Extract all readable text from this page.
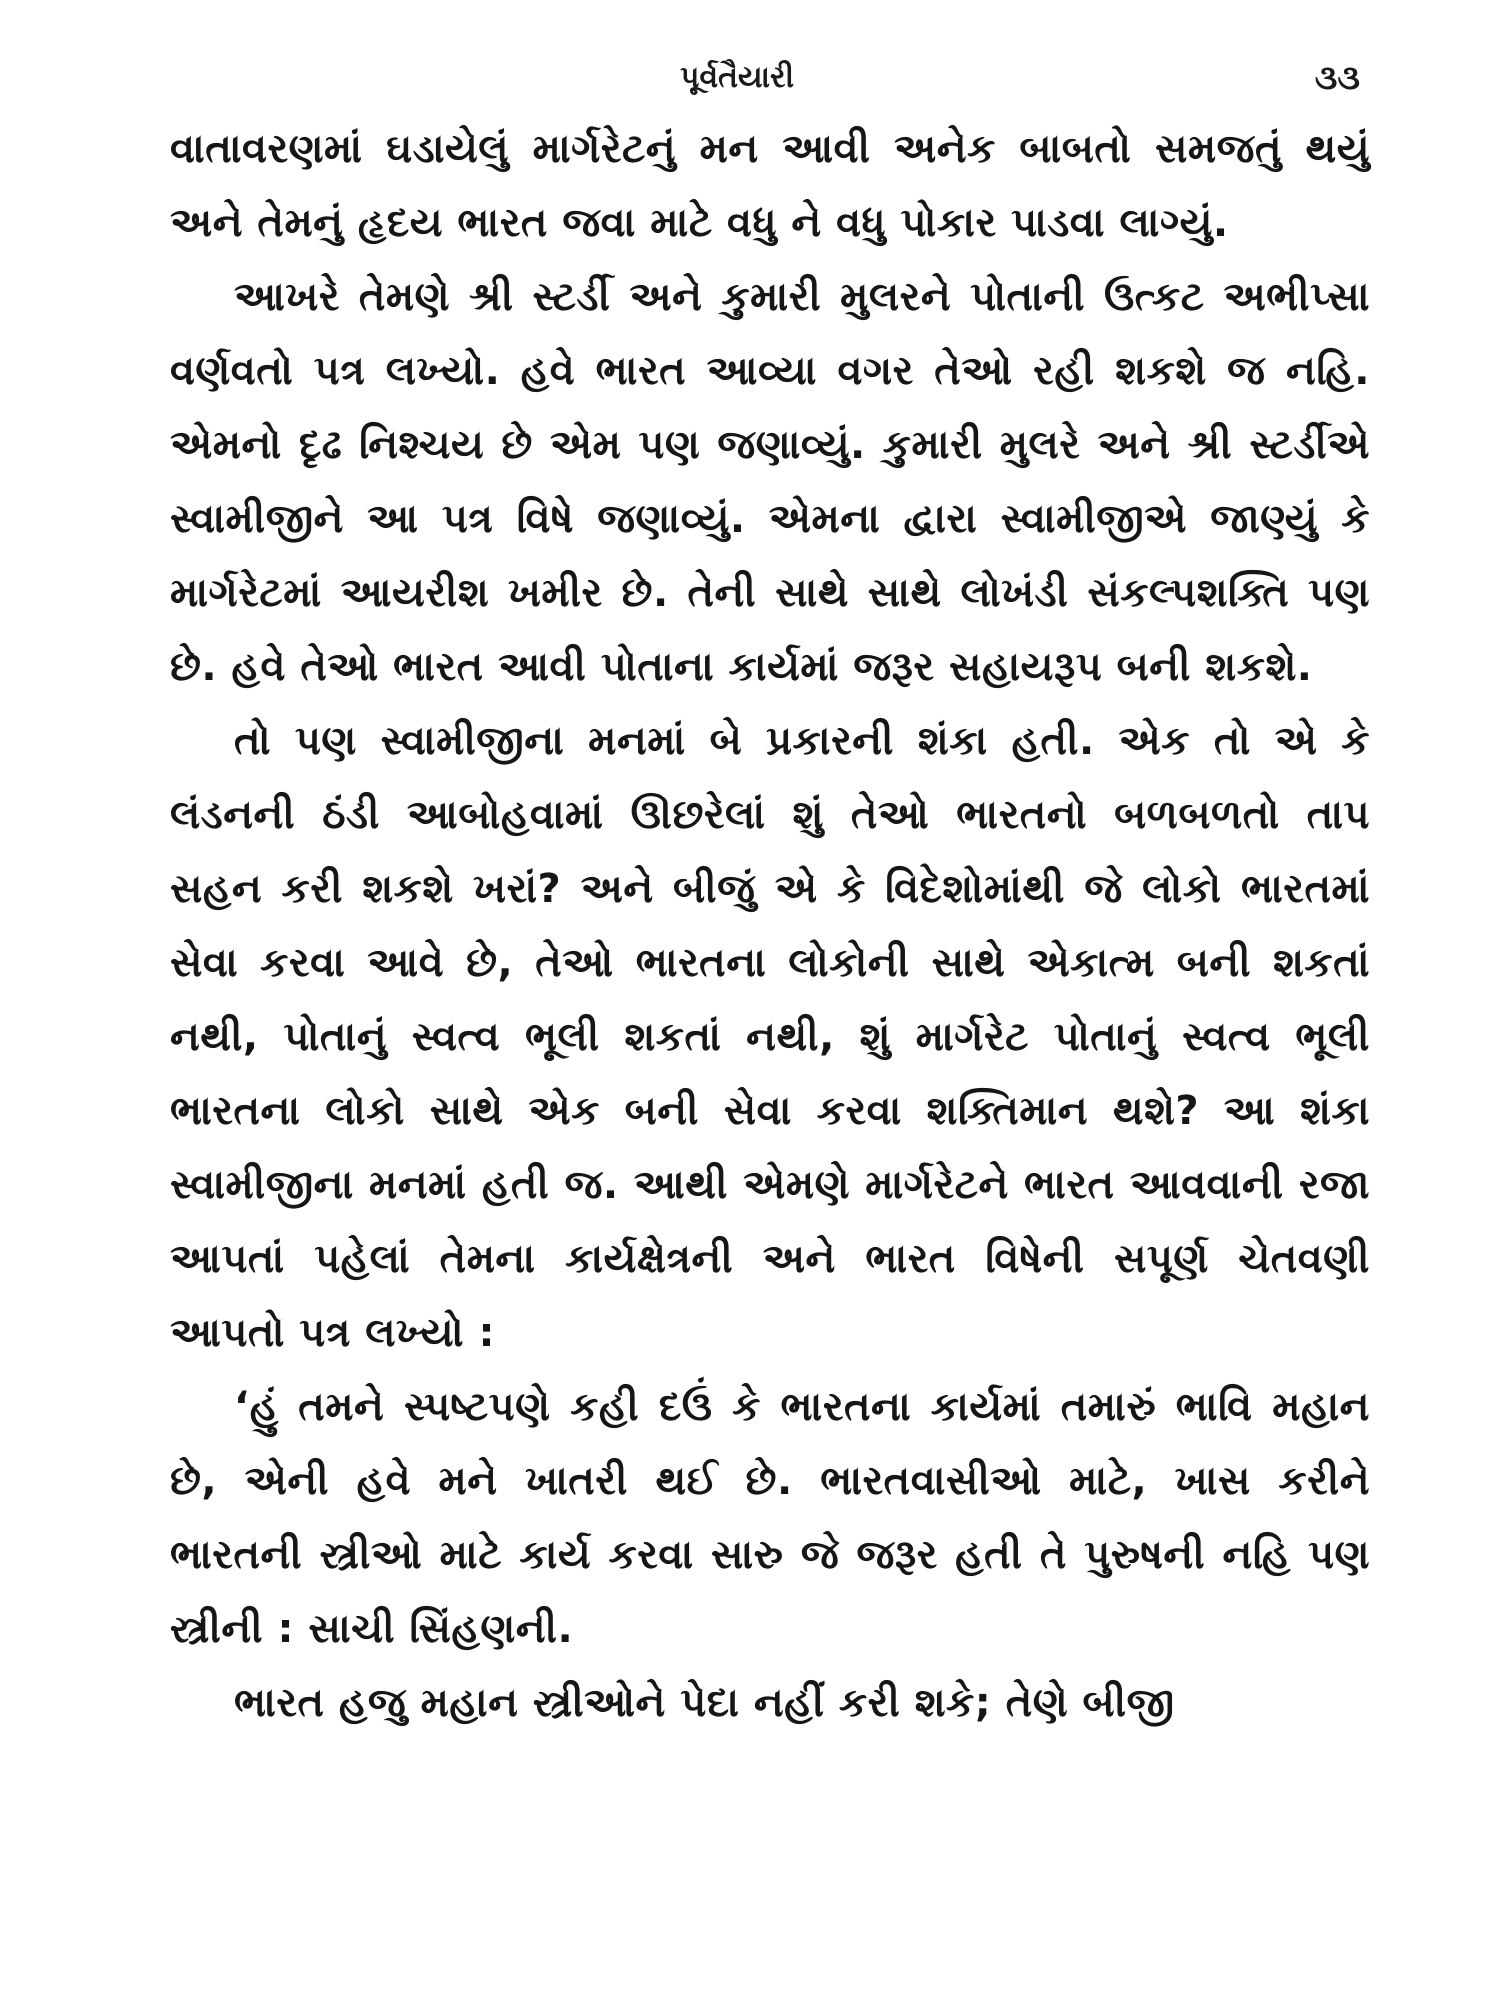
પૂર્વતૈયારી	૩૩

વાતાવરણમાં ઘડાયેલું માર્ગરેટનું મન આવી અનેક બાબતો સમજતું થયું અને તેમનું હૃદય ભારત જવા માટે વધુ ને વધુ પોકાર પાડવા લાગ્યું.

આખરે તેમણે શ્રી સ્ટર્ડી અને કુમારી મુલરને પોતાની ઉત્કટ અભીપ્સા વર્ણવતો પત્ર લખ્યો. હવે ભારત આવ્યા વગર તેઓ રહી શકશે જ નહિ. એમનો દૃઢ નિશ્ચય છે એમ પણ જણાવ્યું. કુમારી મુલરે અને શ્રી સ્ટર્ડીએ સ્વામીજીને આ પત્ર વિષે જણાવ્યું. એમના દ્વારા સ્વામીજીએ જાણ્યું કે માર્ગરેટમાં આયરીશ ખમીર છે. તેની સાથે સાથે લોખંડી સંકલ્પશક્તિ પણ છે. હવે તેઓ ભારત આવી પોતાના કાર્યમાં જરૂર સહાયરૂપ બની શકશે.

તો પણ સ્વામીજીના મનમાં બે પ્રકારની શંકા હતી. એક તો એ કે લંડનની ઠંડી આબોહવામાં ઊછરેલાં શું તેઓ ભારતનો બળબળતો તાપ સહન કરી શકશે ખરાં? અને બીજું એ કે વિદેશોમાંથી જે લોકો ભારતમાં સેવા કરવા આવે છે, તેઓ ભારતના લોકોની સાથે એકાત્મ બની શકતાં નથી, પોતાનું સ્વત્વ ભૂલી શકતાં નથી, શું માર્ગરેટ પોતાનું સ્વત્વ ભૂલી ભારતના લોકો સાથે એક બની સેવા કરવા શક્તિમાન થશે? આ શંકા સ્વામીજીના મનમાં હતી જ. આથી એમણે માર્ગરેટને ભારત આવવાની રજા આપતાં પહેલાં તેમના કાર્યક્ષેત્રની અને ભારત વિષેની સપૂર્ણ ચેતવણી આપતો પત્ર લખ્યો :

‘હું તમને સ્પષ્ટપણે કહી દઉં કે ભારતના કાર્યમાં તમારું ભાવિ મહાન છે, એની હવે મને ખાતરી થઈ છે. ભારતવાસીઓ માટે, ખાસ કરીને ભારતની સ્ત્રીઓ માટે કાર્ય કરવા સારુ જે જરૂર હતી તે પુરુષની નહિ પણ સ્ત્રીની : સાચી સિંહણની.

ભારત હજુ મહાન સ્ત્રીઓને પેદા નહીં કરી શકે; તેણે બીજી
